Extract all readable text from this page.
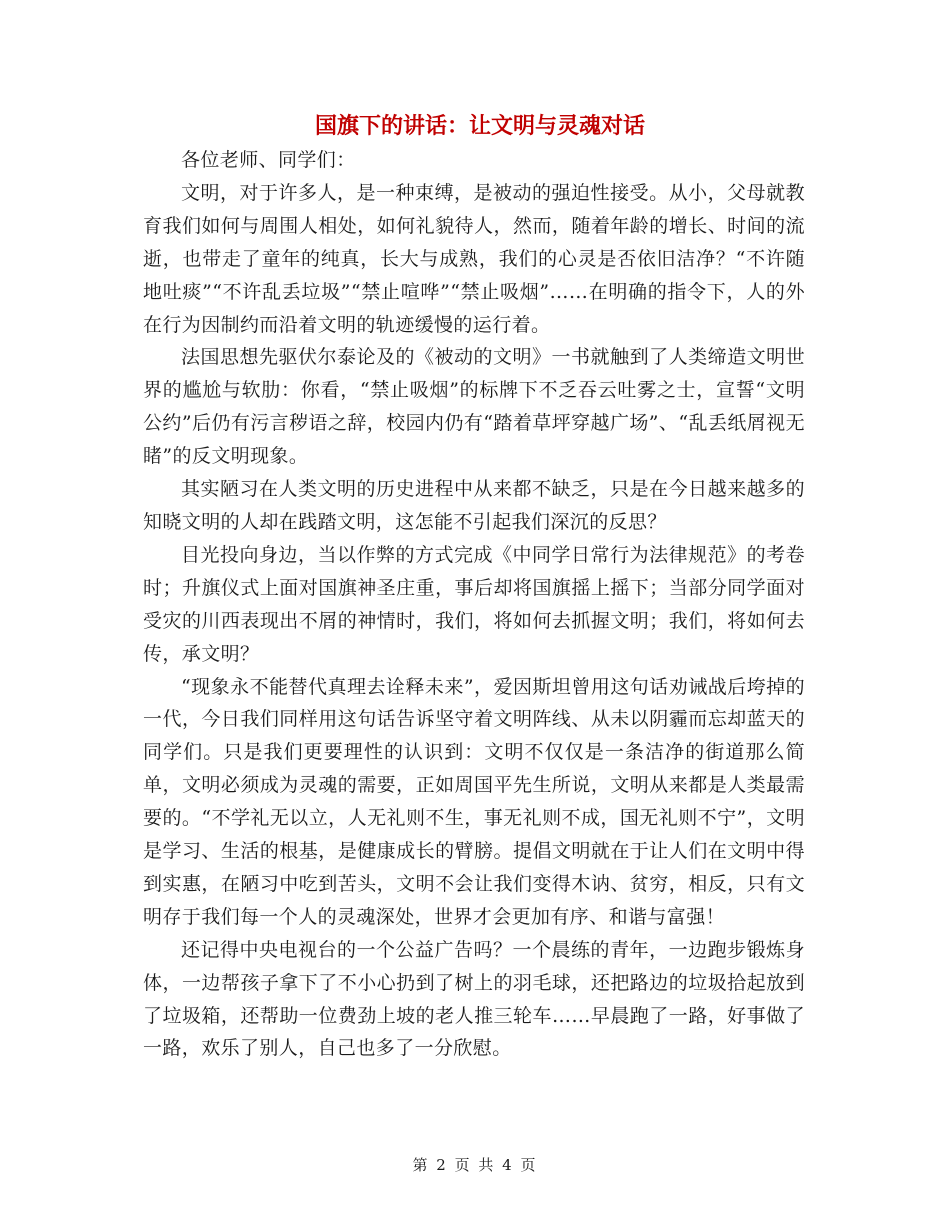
国旗下的讲话：让文明与灵魂对话

各位老师、同学们：

文明，对于许多人，是一种束缚，是被动的强迫性接受。从小，父母就教育我们如何与周围人相处，如何礼貌待人，然而，随着年龄的增长、时间的流逝，也带走了童年的纯真，长大与成熟，我们的心灵是否依旧洁净？“不许随地吐痰”“不许乱丢垃圾”“禁止喧哗”“禁止吸烟”……在明确的指令下，人的外在行为因制约而沿着文明的轨迹缓慢的运行着。

法国思想先驱伏尔泰论及的《被动的文明》一书就触到了人类缔造文明世界的尴尬与软肋：你看，“禁止吸烟”的标牌下不乏吞云吐雾之士，宣誓“文明公约”后仍有污言秽语之辞，校园内仍有“踏着草坪穿越广场”、“乱丢纸屑视无睹”的反文明现象。

其实陋习在人类文明的历史进程中从来都不缺乏，只是在今日越来越多的知晓文明的人却在践踏文明，这怎能不引起我们深沉的反思？

目光投向身边，当以作弊的方式完成《中同学日常行为法律规范》的考卷时；升旗仪式上面对国旗神圣庄重，事后却将国旗摇上摇下；当部分同学面对受灾的川西表现出不屑的神情时，我们，将如何去抓握文明；我们，将如何去传，承文明？

“现象永不能替代真理去诠释未来”，爱因斯坦曾用这句话劝诫战后垮掉的一代，今日我们同样用这句话告诉坚守着文明阵线、从未以阴霾而忘却蓝天的同学们。只是我们更要理性的认识到：文明不仅仅是一条洁净的街道那么简单，文明必须成为灵魂的需要，正如周国平先生所说，文明从来都是人类最需要的。“不学礼无以立，人无礼则不生，事无礼则不成，国无礼则不宁”，文明是学习、生活的根基，是健康成长的臂膀。提倡文明就在于让人们在文明中得到实惠，在陋习中吃到苦头，文明不会让我们变得木讷、贫穷，相反，只有文明存于我们每一个人的灵魂深处，世界才会更加有序、和谐与富强！

还记得中央电视台的一个公益广告吗？一个晨练的青年，一边跑步锻炼身体，一边帮孩子拿下了不小心扔到了树上的羽毛球，还把路边的垃圾拾起放到了垃圾箱，还帮助一位费劲上坡的老人推三轮车……早晨跑了一路，好事做了一路，欢乐了别人，自己也多了一分欣慰。

第 2 页 共 4 页
